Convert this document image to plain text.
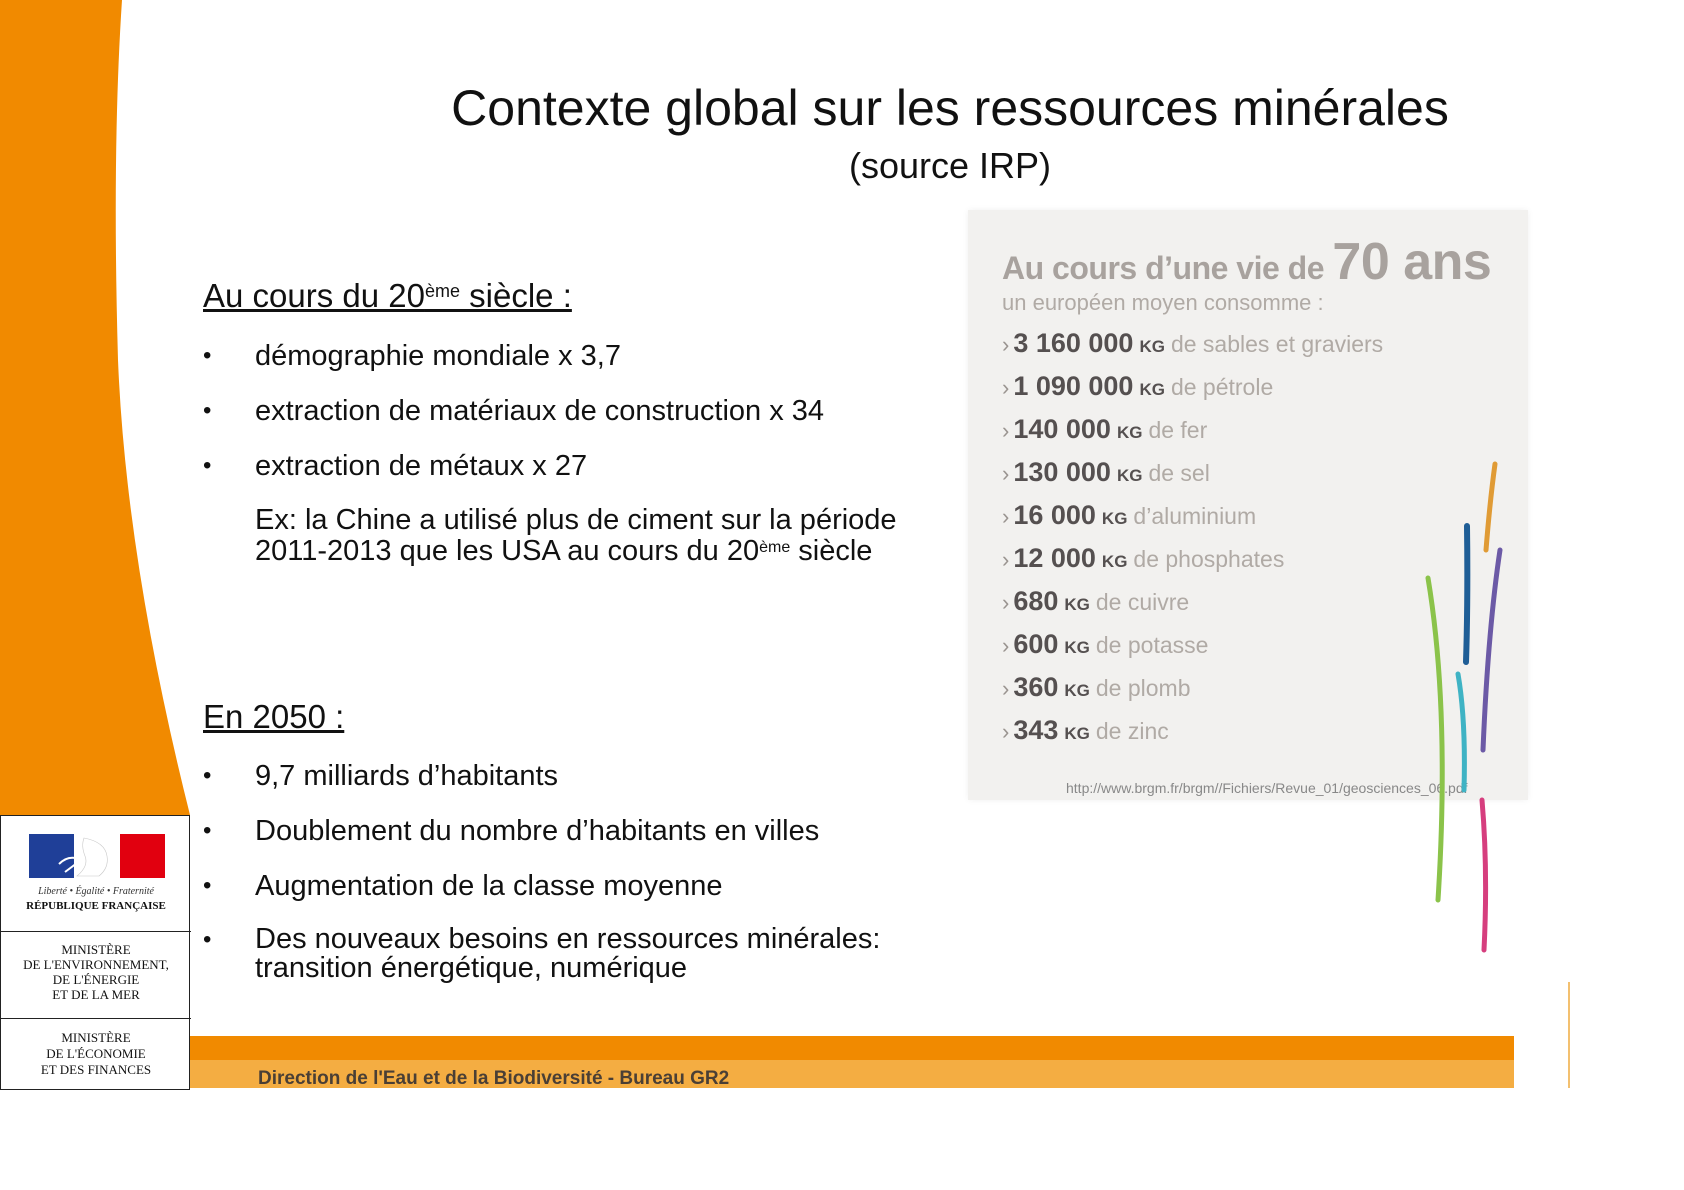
Contexte global sur les ressources minérales
(source IRP)
Au cours du 20ème siècle :
• démographie mondiale x 3,7
• extraction de matériaux de construction x 34
• extraction de métaux x 27
Ex: la Chine a utilisé plus de ciment sur la période
2011-2013 que les USA au cours du 20ème siècle
En 2050 :
• 9,7 milliards d’habitants
• Doublement du nombre d’habitants en villes
• Augmentation de la classe moyenne
• Des nouveaux besoins en ressources minérales: transition énergétique, numérique
Au cours d’une vie de 70 ans
un européen moyen consomme :
› 3 160 000 KG de sables et graviers
› 1 090 000 KG de pétrole
› 140 000 KG de fer
› 130 000 KG de sel
› 16 000 KG d’aluminium
› 12 000 KG de phosphates
› 680 KG de cuivre
› 600 KG de potasse
› 360 KG de plomb
› 343 KG de zinc
http://www.brgm.fr/brgm//Fichiers/Revue_01/geosciences_06.pdf
Liberté • Égalité • Fraternité
RÉPUBLIQUE FRANÇAISE
MINISTÈRE
DE L'ENVIRONNEMENT,
DE L'ÉNERGIE
ET DE LA MER
MINISTÈRE
DE L'ÉCONOMIE
ET DES FINANCES	Direction de l'Eau et de la Biodiversité - Bureau GR2
